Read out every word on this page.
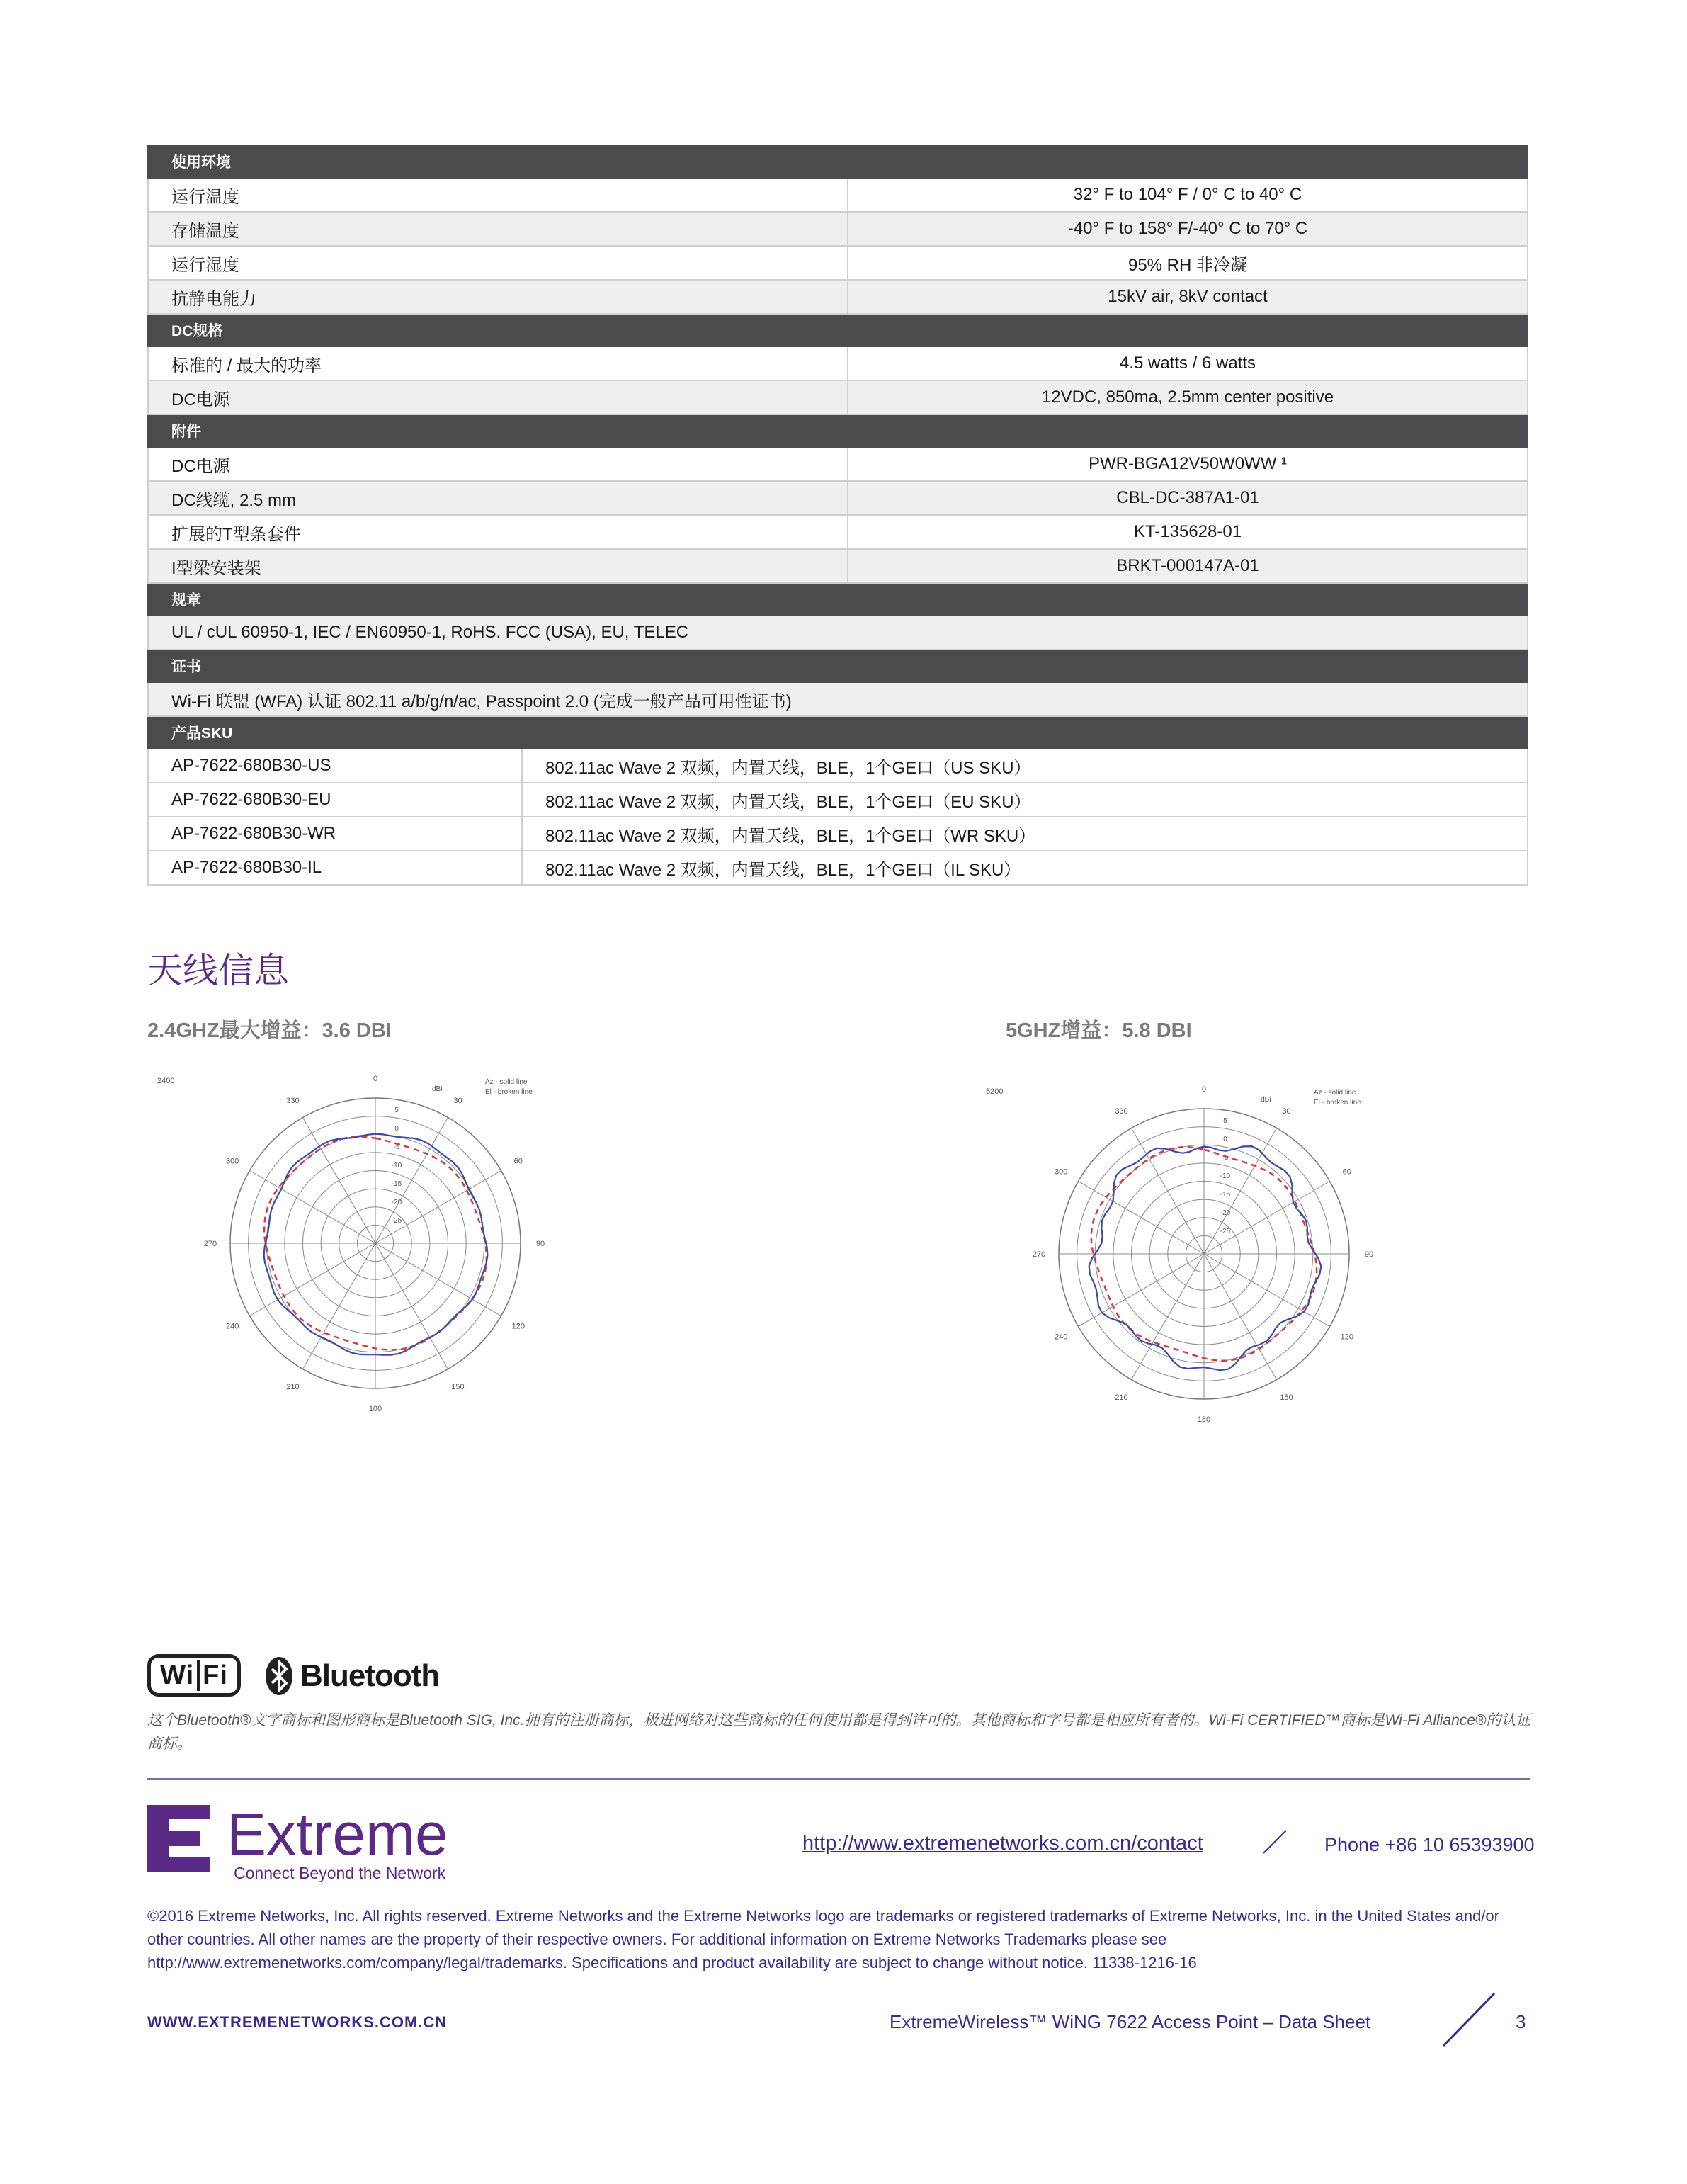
使用环境		
运行温度		32° F to 104° F / 0° C to 40° C
存储温度		-40° F to 158° F/-40° C to 70° C
运行湿度		95% RH 非冷凝
抗静电能力		15kV air, 8kV contact
DC规格		
标准的 / 最大的功率		4.5 watts / 6 watts
DC电源		12VDC, 850ma, 2.5mm center positive
附件		
DC电源		PWR-BGA12V50W0WW ¹
DC线缆, 2.5 mm		CBL-DC-387A1-01
扩展的T型条套件		KT-135628-01
I型梁安装架		BRKT-000147A-01
规章		
UL / cUL 60950-1, IEC / EN60950-1, RoHS. FCC (USA), EU, TELEC		
证书		
Wi-Fi 联盟 (WFA) 认证 802.11 a/b/g/n/ac, Passpoint 2.0 (完成一般产品可用性证书)		
产品SKU		
AP-7622-680B30-US	802.11ac Wave 2 双频，内置天线，BLE，1个GE口（US SKU）	
AP-7622-680B30-EU	802.11ac Wave 2 双频，内置天线，BLE，1个GE口（EU SKU）	
AP-7622-680B30-WR	802.11ac Wave 2 双频，内置天线，BLE，1个GE口（WR SKU）	
AP-7622-680B30-IL	802.11ac Wave 2 双频，内置天线，BLE，1个GE口（IL SKU）	
天线信息
2.4GHZ最大增益：3.6 DBI	5GHZ增益：5.8 DBI
0
30
60
90
120
150
100
210
240
270
300
330
5
0
-5
-10
-15
-20
-25
dBi
2400	Az - solid line
El - broken line	0
30
60
90
120
150
180
210
240
270
300
330
5
0
-5
-10
-15
-20
-25
dBi
5200	Az - solid line
El - broken line
Wi Fi Bluetooth
这个Bluetooth®文字商标和图形商标是Bluetooth SIG, Inc.拥有的注册商标，极进网络对这些商标的任何使用都是得到许可的。其他商标和字号都是相应所有者的。Wi-Fi CERTIFIED™商标是Wi-Fi Alliance®的认证商标。
Extreme
Connect Beyond the Network
http://www.extremenetworks.com.cn/contact	Phone +86 10 65393900
©2016 Extreme Networks, Inc. All rights reserved. Extreme Networks and the Extreme Networks logo are trademarks or registered trademarks of Extreme Networks, Inc. in the United States and/or other countries. All other names are the property of their respective owners. For additional information on Extreme Networks Trademarks please see http://www.extremenetworks.com/company/legal/trademarks. Specifications and product availability are subject to change without notice. 11338-1216-16
WWW.EXTREMENETWORKS.COM.CN	ExtremeWireless™ WiNG 7622 Access Point – Data Sheet	3
